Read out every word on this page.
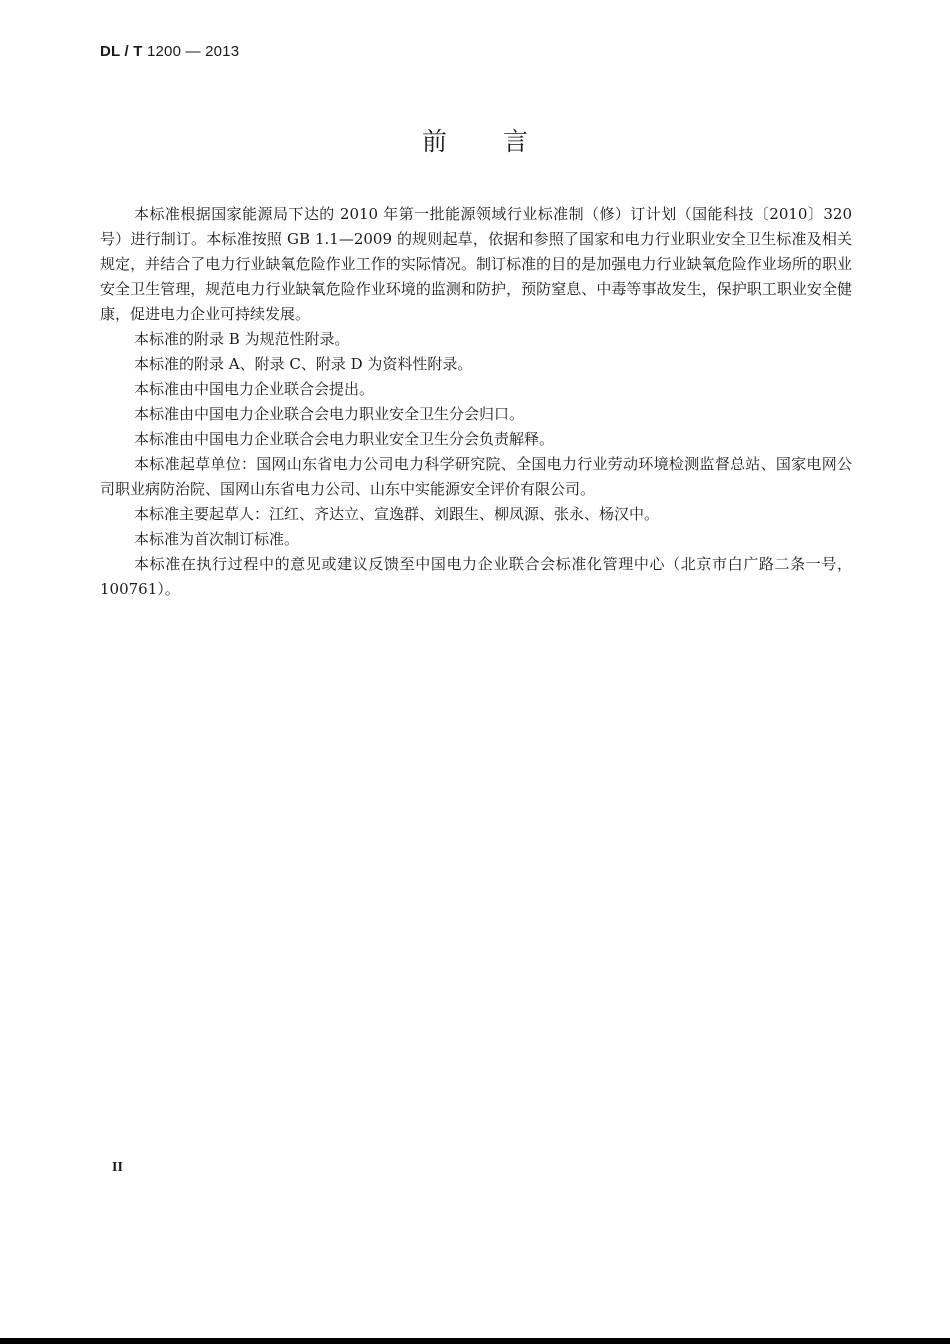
DL / T 1200 — 2013
前言

本标准根据国家能源局下达的 2010 年第一批能源领域行业标准制（修）订计划（国能科技〔2010〕320 号）进行制订。本标准按照 GB 1.1—2009 的规则起草，依据和参照了国家和电力行业职业安全卫生标准及相关规定，并结合了电力行业缺氧危险作业工作的实际情况。制订标准的目的是加强电力行业缺氧危险作业场所的职业安全卫生管理，规范电力行业缺氧危险作业环境的监测和防护，预防窒息、中毒等事故发生，保护职工职业安全健康，促进电力企业可持续发展。

本标准的附录 B 为规范性附录。

本标准的附录 A、附录 C、附录 D 为资料性附录。

本标准由中国电力企业联合会提出。

本标准由中国电力企业联合会电力职业安全卫生分会归口。

本标准由中国电力企业联合会电力职业安全卫生分会负责解释。

本标准起草单位：国网山东省电力公司电力科学研究院、全国电力行业劳动环境检测监督总站、国家电网公司职业病防治院、国网山东省电力公司、山东中实能源安全评价有限公司。

本标准主要起草人：江红、齐达立、宣逸群、刘跟生、柳凤源、张永、杨汉中。

本标准为首次制订标准。

本标准在执行过程中的意见或建议反馈至中国电力企业联合会标准化管理中心（北京市白广路二条一号，100761）。

II
